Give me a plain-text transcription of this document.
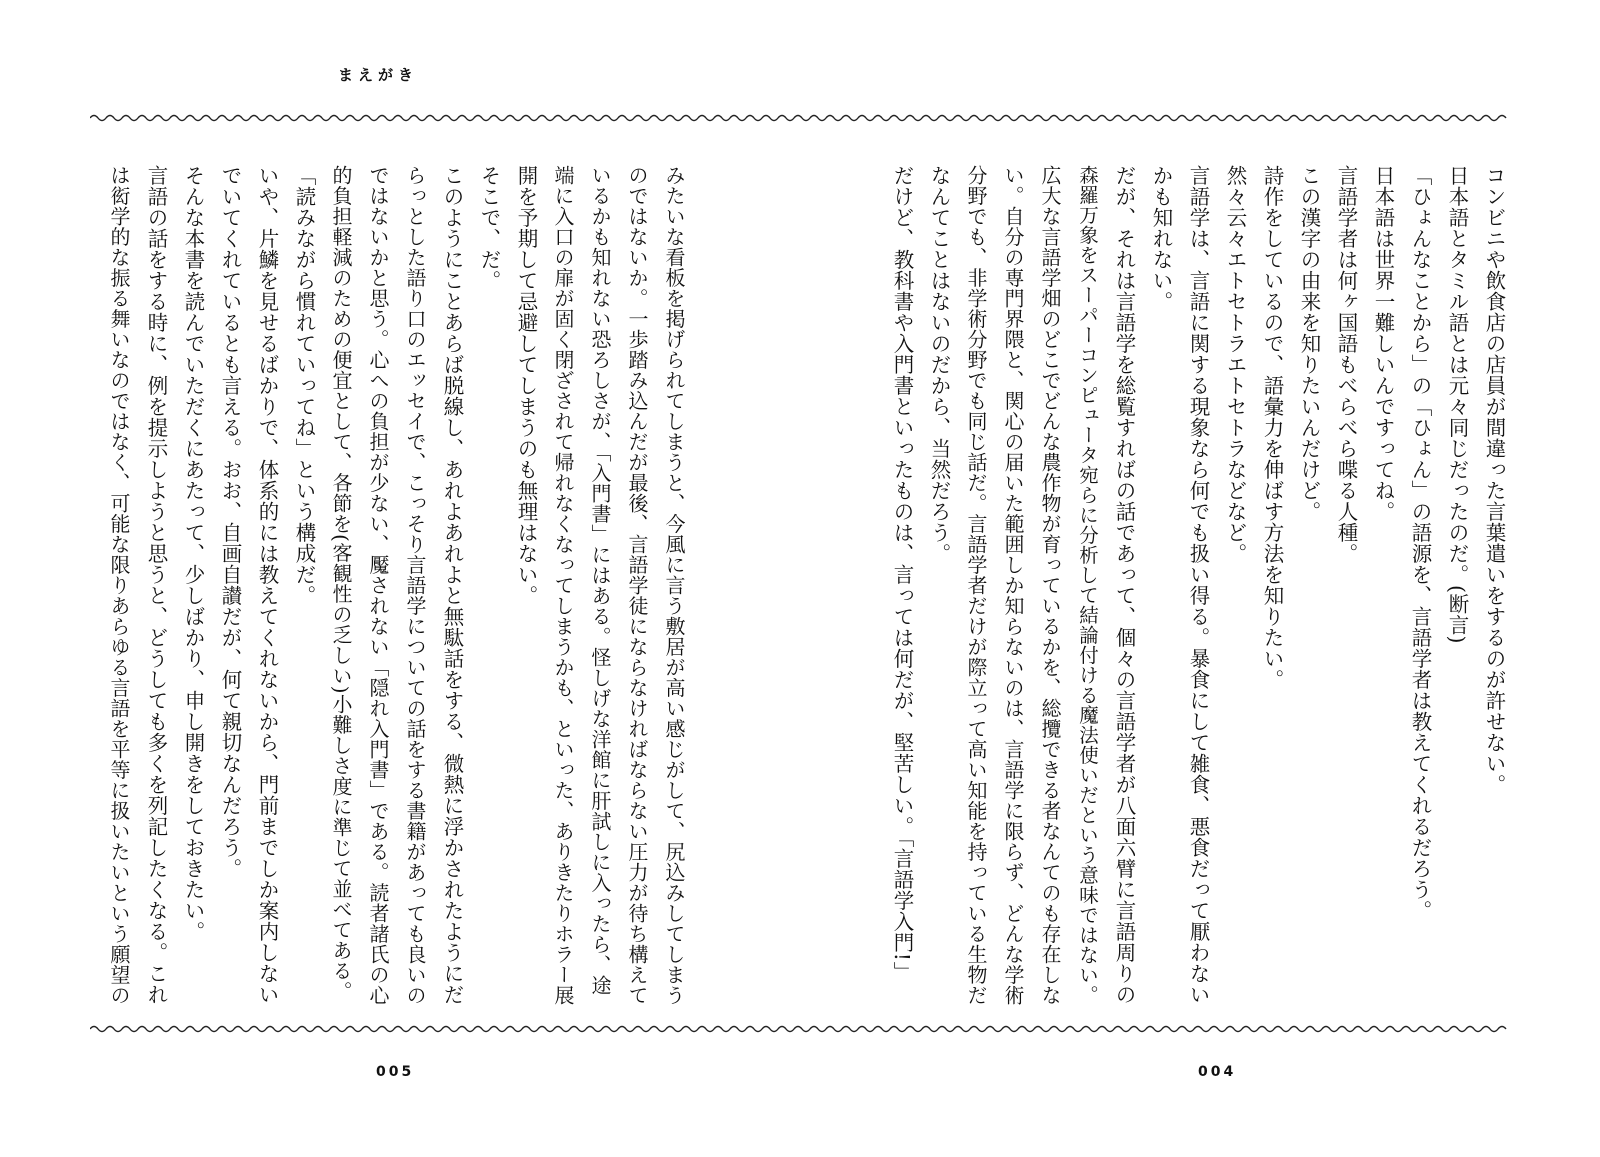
まえがき
コンビニや飲食店の店員が間違った言葉遣いをするのが許せない。
日本語とタミル語とは元々同じだったのだ。(断言)
「ひょんなことから」の「ひょん」の語源を、言語学者は教えてくれるだろう。
日本語は世界一難しいんですってね。
言語学者は何ヶ国語もべらべら喋る人種。
この漢字の由来を知りたいんだけど。
詩作をしているので、語彙力を伸ばす方法を知りたい。
然々云々エトセトラエトセトラなどなど。
言語学は、言語に関する現象なら何でも扱い得る。暴食にして雑食、悪食だって厭わない
かも知れない。
だが、それは言語学を総覧すればの話であって、個々の言語学者が八面六臂に言語周りの
森羅万象をスーパーコンピュータ宛らに分析して結論付ける魔法使いだという意味ではない。
広大な言語学畑のどこでどんな農作物が育っているかを、総攬できる者なんてのも存在しな
い。自分の専門界隈と、関心の届いた範囲しか知らないのは、言語学に限らず、どんな学術
分野でも、非学術分野でも同じ話だ。言語学者だけが際立って高い知能を持っている生物だ
なんてことはないのだから、当然だろう。
だけど、教科書や入門書といったものは、言っては何だが、堅苦しい。「言語学入門!」
みたいな看板を掲げられてしまうと、今風に言う敷居が高い感じがして、尻込みしてしまう
のではないか。一歩踏み込んだが最後、言語学徒にならなければならない圧力が待ち構えて
いるかも知れない恐ろしさが、「入門書」にはある。怪しげな洋館に肝試しに入ったら、途
端に入口の扉が固く閉ざされて帰れなくなってしまうかも、といった、ありきたりホラー展
開を予期して忌避してしまうのも無理はない。
そこで、だ。
このようにことあらば脱線し、あれよあれよと無駄話をする、微熱に浮かされたようにだ
らっとした語り口のエッセイで、こっそり言語学についての話をする書籍があっても良いの
ではないかと思う。心への負担が少ない、魘されない「隠れ入門書」である。読者諸氏の心
的負担軽減のための便宜として、各節を(客観性の乏しい)小難しさ度に準じて並べてある。
「読みながら慣れていってね」という構成だ。
いや、片鱗を見せるばかりで、体系的には教えてくれないから、門前までしか案内しない
でいてくれているとも言える。おお、自画自讃だが、何て親切なんだろう。
そんな本書を読んでいただくにあたって、少しばかり、申し開きをしておきたい。
言語の話をする時に、例を提示しようと思うと、どうしても多くを列記したくなる。これ
は衒学的な振る舞いなのではなく、可能な限りあらゆる言語を平等に扱いたいという願望の
005	004
